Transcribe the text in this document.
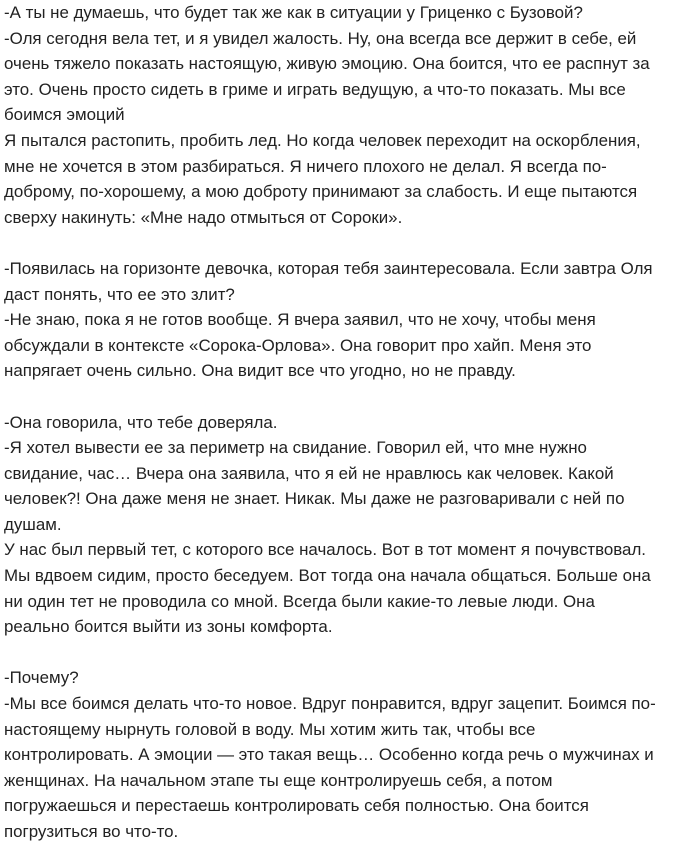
-А ты не думаешь, что будет так же как в ситуации у Гриценко с Бузовой?
-Оля сегодня вела тет, и я увидел жалость. Ну, она всегда все держит в себе, ей
очень тяжело показать настоящую, живую эмоцию. Она боится, что ее распнут за
это. Очень просто сидеть в гриме и играть ведущую, а что-то показать. Мы все
боимся эмоций
Я пытался растопить, пробить лед. Но когда человек переходит на оскорбления,
мне не хочется в этом разбираться. Я ничего плохого не делал. Я всегда по-
доброму, по-хорошему, а мою доброту принимают за слабость. И еще пытаются
сверху накинуть: «Мне надо отмыться от Сороки».
-Появилась на горизонте девочка, которая тебя заинтересовала. Если завтра Оля
даст понять, что ее это злит?
-Не знаю, пока я не готов вообще. Я вчера заявил, что не хочу, чтобы меня
обсуждали в контексте «Сорока-Орлова». Она говорит про хайп. Меня это
напрягает очень сильно. Она видит все что угодно, но не правду.
-Она говорила, что тебе доверяла.
-Я хотел вывести ее за периметр на свидание. Говорил ей, что мне нужно
свидание, час… Вчера она заявила, что я ей не нравлюсь как человек. Какой
человек?! Она даже меня не знает. Никак. Мы даже не разговаривали с ней по
душам.
У нас был первый тет, с которого все началось. Вот в тот момент я почувствовал.
Мы вдвоем сидим, просто беседуем. Вот тогда она начала общаться. Больше она
ни один тет не проводила со мной. Всегда были какие-то левые люди. Она
реально боится выйти из зоны комфорта.
-Почему?
-Мы все боимся делать что-то новое. Вдруг понравится, вдруг зацепит. Боимся по-
настоящему нырнуть головой в воду. Мы хотим жить так, чтобы все
контролировать. А эмоции — это такая вещь… Особенно когда речь о мужчинах и
женщинах. На начальном этапе ты еще контролируешь себя, а потом
погружаешься и перестаешь контролировать себя полностью. Она боится
погрузиться во что-то.
